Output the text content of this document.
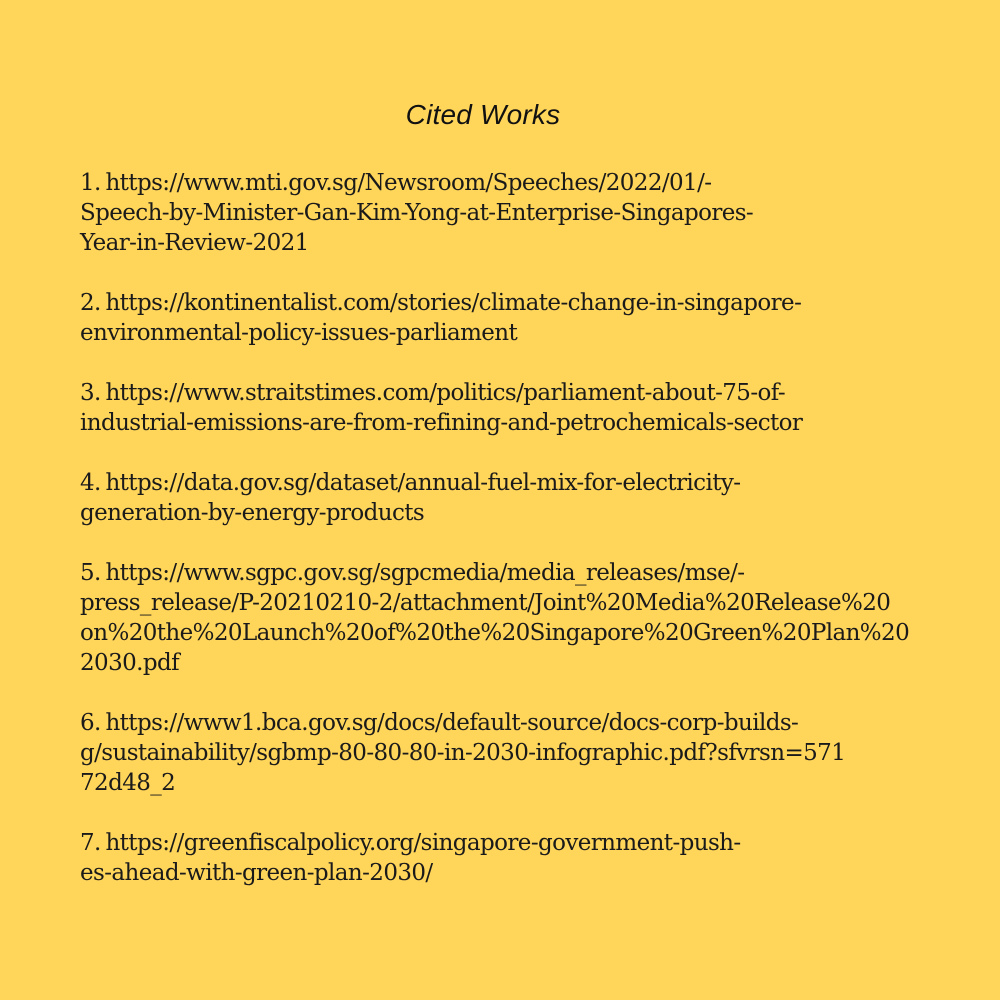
Cited Works
1. https://www.mti.gov.sg/Newsroom/Speeches/2022/01/-
Speech-by-Minister-Gan-Kim-Yong-at-Enterprise-Singapores-
Year-in-Review-2021
2. https://kontinentalist.com/stories/climate-change-in-singapore-
environmental-policy-issues-parliament
3. https://www.straitstimes.com/politics/parliament-about-75-of-
industrial-emissions-are-from-refining-and-petrochemicals-sector
4. https://data.gov.sg/dataset/annual-fuel-mix-for-electricity-
generation-by-energy-products
5. https://www.sgpc.gov.sg/sgpcmedia/media_releases/mse/-
press_release/P-20210210-2/attachment/Joint%20Media%20Release%20
on%20the%20Launch%20of%20the%20Singapore%20Green%20Plan%20
2030.pdf
6. https://www1.bca.gov.sg/docs/default-source/docs-corp-builds-
g/sustainability/sgbmp-80-80-80-in-2030-infographic.pdf?sfvrsn=571
72d48_2
7. https://greenfiscalpolicy.org/singapore-government-push-
es-ahead-with-green-plan-2030/
